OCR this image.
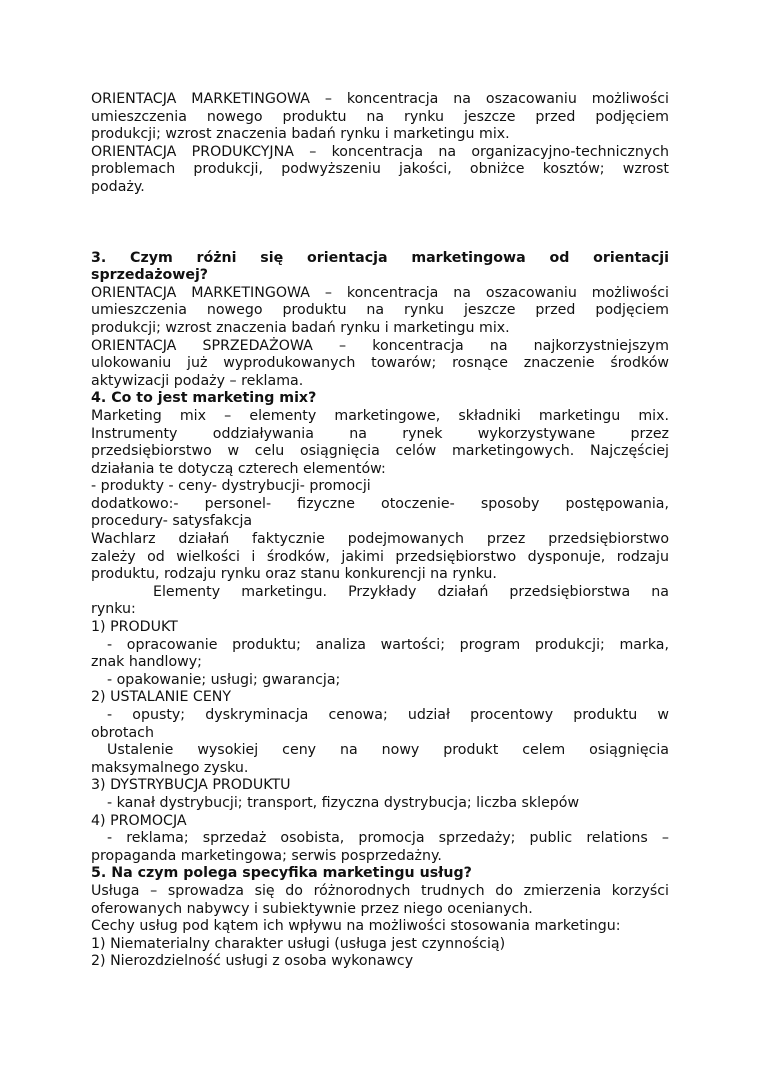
ORIENTACJA MARKETINGOWA – koncentracja na oszacowaniu możliwości

umieszczenia nowego produktu na rynku jeszcze przed podjęciem

produkcji; wzrost znaczenia badań rynku i marketingu mix.

ORIENTACJA PRODUKCYJNA – koncentracja na organizacyjno-technicznych

problemach produkcji, podwyższeniu jakości, obniżce kosztów; wzrost

podaży.

3. Czym różni się orientacja marketingowa od orientacji

sprzedażowej?

ORIENTACJA MARKETINGOWA – koncentracja na oszacowaniu możliwości

umieszczenia nowego produktu na rynku jeszcze przed podjęciem

produkcji; wzrost znaczenia badań rynku i marketingu mix.

ORIENTACJA SPRZEDAŻOWA – koncentracja na najkorzystniejszym

ulokowaniu już wyprodukowanych towarów; rosnące znaczenie środków

aktywizacji podaży – reklama.

4. Co to jest marketing mix?

Marketing mix – elementy marketingowe, składniki marketingu mix.

Instrumenty oddziaływania na rynek wykorzystywane przez

przedsiębiorstwo w celu osiągnięcia celów marketingowych. Najczęściej

działania te dotyczą czterech elementów:

- produkty - ceny- dystrybucji- promocji

dodatkowo:- personel- fizyczne otoczenie- sposoby postępowania,

procedury- satysfakcja

Wachlarz działań faktycznie podejmowanych przez przedsiębiorstwo

zależy od wielkości i środków, jakimi przedsiębiorstwo dysponuje, rodzaju

produktu, rodzaju rynku oraz stanu konkurencji na rynku.

Elementy marketingu. Przykłady działań przedsiębiorstwa na

rynku:

1) PRODUKT

- opracowanie produktu; analiza wartości; program produkcji; marka,

znak handlowy;

- opakowanie; usługi; gwarancja;

2) USTALANIE CENY

- opusty; dyskryminacja cenowa; udział procentowy produktu w

obrotach

Ustalenie wysokiej ceny na nowy produkt celem osiągnięcia

maksymalnego zysku.

3) DYSTRYBUCJA PRODUKTU

- kanał dystrybucji; transport, fizyczna dystrybucja; liczba sklepów

4) PROMOCJA

- reklama; sprzedaż osobista, promocja sprzedaży; public relations –

propaganda marketingowa; serwis posprzedażny.

5. Na czym polega specyfika marketingu usług?

Usługa – sprowadza się do różnorodnych trudnych do zmierzenia korzyści

oferowanych nabywcy i subiektywnie przez niego ocenianych.

Cechy usług pod kątem ich wpływu na możliwości stosowania marketingu:

1) Niematerialny charakter usługi (usługa jest czynnością)

2) Nierozdzielność usługi z osoba wykonawcy
